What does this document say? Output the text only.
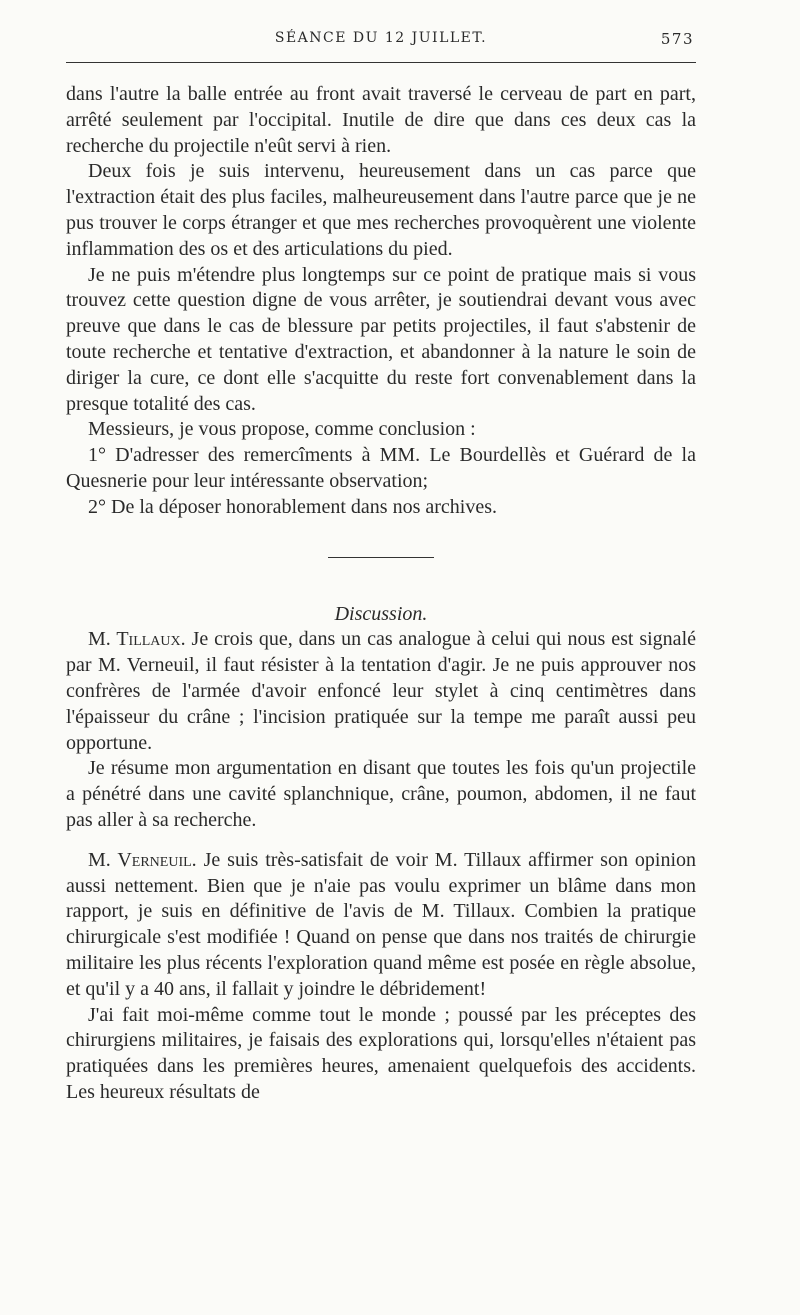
SÉANCE DU 12 JUILLET.	573

dans l'autre la balle entrée au front avait traversé le cerveau de part en part, arrêté seulement par l'occipital. Inutile de dire que dans ces deux cas la recherche du projectile n'eût servi à rien.

Deux fois je suis intervenu, heureusement dans un cas parce que l'extraction était des plus faciles, malheureusement dans l'autre parce que je ne pus trouver le corps étranger et que mes recherches provoquèrent une violente inflammation des os et des articulations du pied.

Je ne puis m'étendre plus longtemps sur ce point de pratique mais si vous trouvez cette question digne de vous arrêter, je soutiendrai devant vous avec preuve que dans le cas de blessure par petits projectiles, il faut s'abstenir de toute recherche et tentative d'extraction, et abandonner à la nature le soin de diriger la cure, ce dont elle s'acquitte du reste fort convenablement dans la presque totalité des cas.

Messieurs, je vous propose, comme conclusion :

1° D'adresser des remercîments à MM. Le Bourdellès et Guérard de la Quesnerie pour leur intéressante observation;

2° De la déposer honorablement dans nos archives.

Discussion.

M. Tillaux. Je crois que, dans un cas analogue à celui qui nous est signalé par M. Verneuil, il faut résister à la tentation d'agir. Je ne puis approuver nos confrères de l'armée d'avoir enfoncé leur stylet à cinq centimètres dans l'épaisseur du crâne ; l'incision pratiquée sur la tempe me paraît aussi peu opportune.

Je résume mon argumentation en disant que toutes les fois qu'un projectile a pénétré dans une cavité splanchnique, crâne, poumon, abdomen, il ne faut pas aller à sa recherche.

M. Verneuil. Je suis très-satisfait de voir M. Tillaux affirmer son opinion aussi nettement. Bien que je n'aie pas voulu exprimer un blâme dans mon rapport, je suis en définitive de l'avis de M. Tillaux. Combien la pratique chirurgicale s'est modifiée ! Quand on pense que dans nos traités de chirurgie militaire les plus récents l'exploration quand même est posée en règle absolue, et qu'il y a 40 ans, il fallait y joindre le débridement!

J'ai fait moi-même comme tout le monde ; poussé par les préceptes des chirurgiens militaires, je faisais des explorations qui, lorsqu'elles n'étaient pas pratiquées dans les premières heures, amenaient quelquefois des accidents. Les heureux résultats de
